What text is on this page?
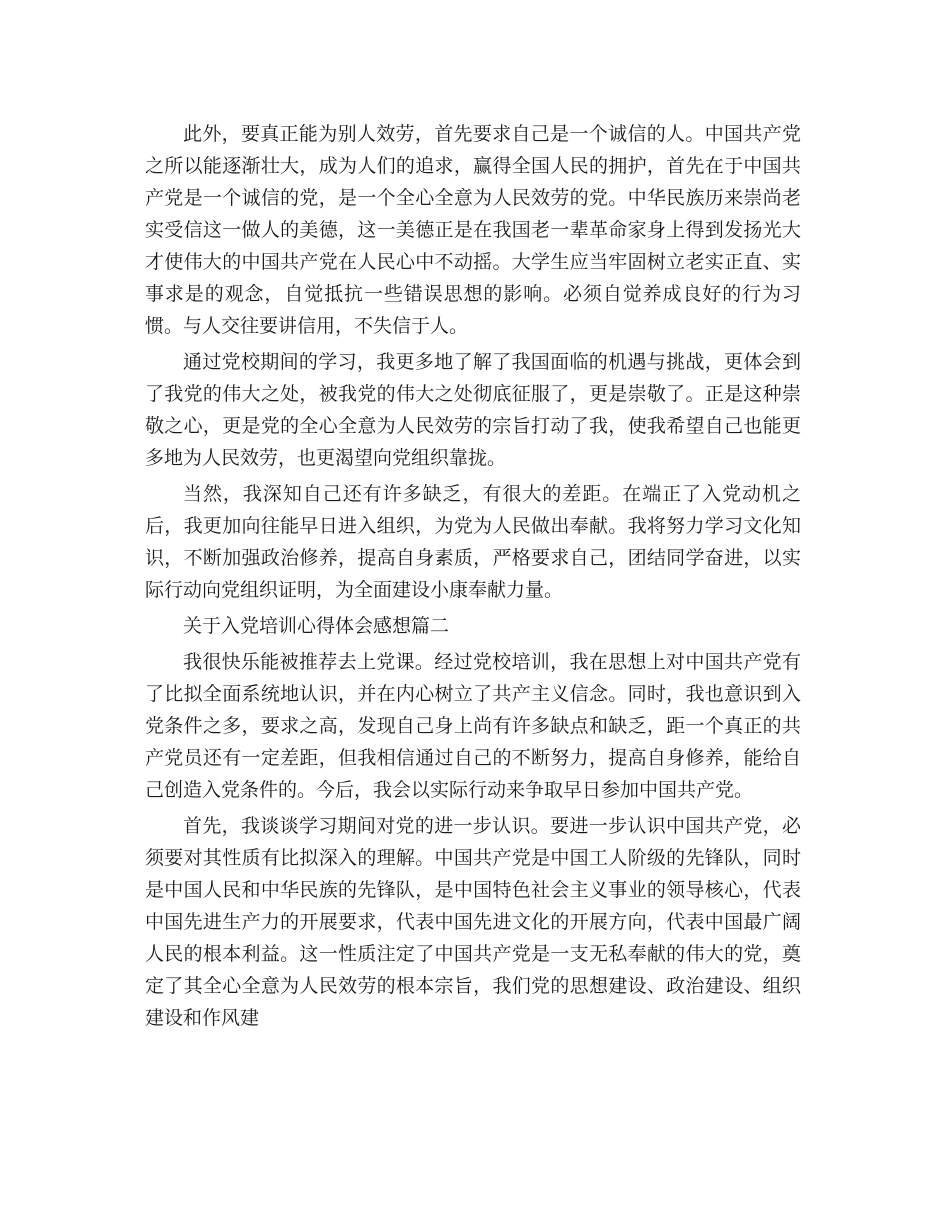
此外，要真正能为别人效劳，首先要求自己是一个诚信的人。中国共产党之所以能逐渐壮大，成为人们的追求，赢得全国人民的拥护，首先在于中国共产党是一个诚信的党，是一个全心全意为人民效劳的党。中华民族历来崇尚老实受信这一做人的美德，这一美德正是在我国老一辈革命家身上得到发扬光大才使伟大的中国共产党在人民心中不动摇。大学生应当牢固树立老实正直、实事求是的观念，自觉抵抗一些错误思想的影响。必须自觉养成良好的行为习惯。与人交往要讲信用，不失信于人。

通过党校期间的学习，我更多地了解了我国面临的机遇与挑战，更体会到了我党的伟大之处，被我党的伟大之处彻底征服了，更是崇敬了。正是这种崇敬之心，更是党的全心全意为人民效劳的宗旨打动了我，使我希望自己也能更多地为人民效劳，也更渴望向党组织靠拢。

当然，我深知自己还有许多缺乏，有很大的差距。在端正了入党动机之后，我更加向往能早日进入组织，为党为人民做出奉献。我将努力学习文化知识，不断加强政治修养，提高自身素质，严格要求自己，团结同学奋进，以实际行动向党组织证明，为全面建设小康奉献力量。

关于入党培训心得体会感想篇二

我很快乐能被推荐去上党课。经过党校培训，我在思想上对中国共产党有了比拟全面系统地认识，并在内心树立了共产主义信念。同时，我也意识到入党条件之多，要求之高，发现自己身上尚有许多缺点和缺乏，距一个真正的共产党员还有一定差距，但我相信通过自己的不断努力，提高自身修养，能给自己创造入党条件的。今后，我会以实际行动来争取早日参加中国共产党。

首先，我谈谈学习期间对党的进一步认识。要进一步认识中国共产党，必须要对其性质有比拟深入的理解。中国共产党是中国工人阶级的先锋队，同时是中国人民和中华民族的先锋队，是中国特色社会主义事业的领导核心，代表中国先进生产力的开展要求，代表中国先进文化的开展方向，代表中国最广阔人民的根本利益。这一性质注定了中国共产党是一支无私奉献的伟大的党，奠定了其全心全意为人民效劳的根本宗旨，我们党的思想建设、政治建设、组织建设和作风建
